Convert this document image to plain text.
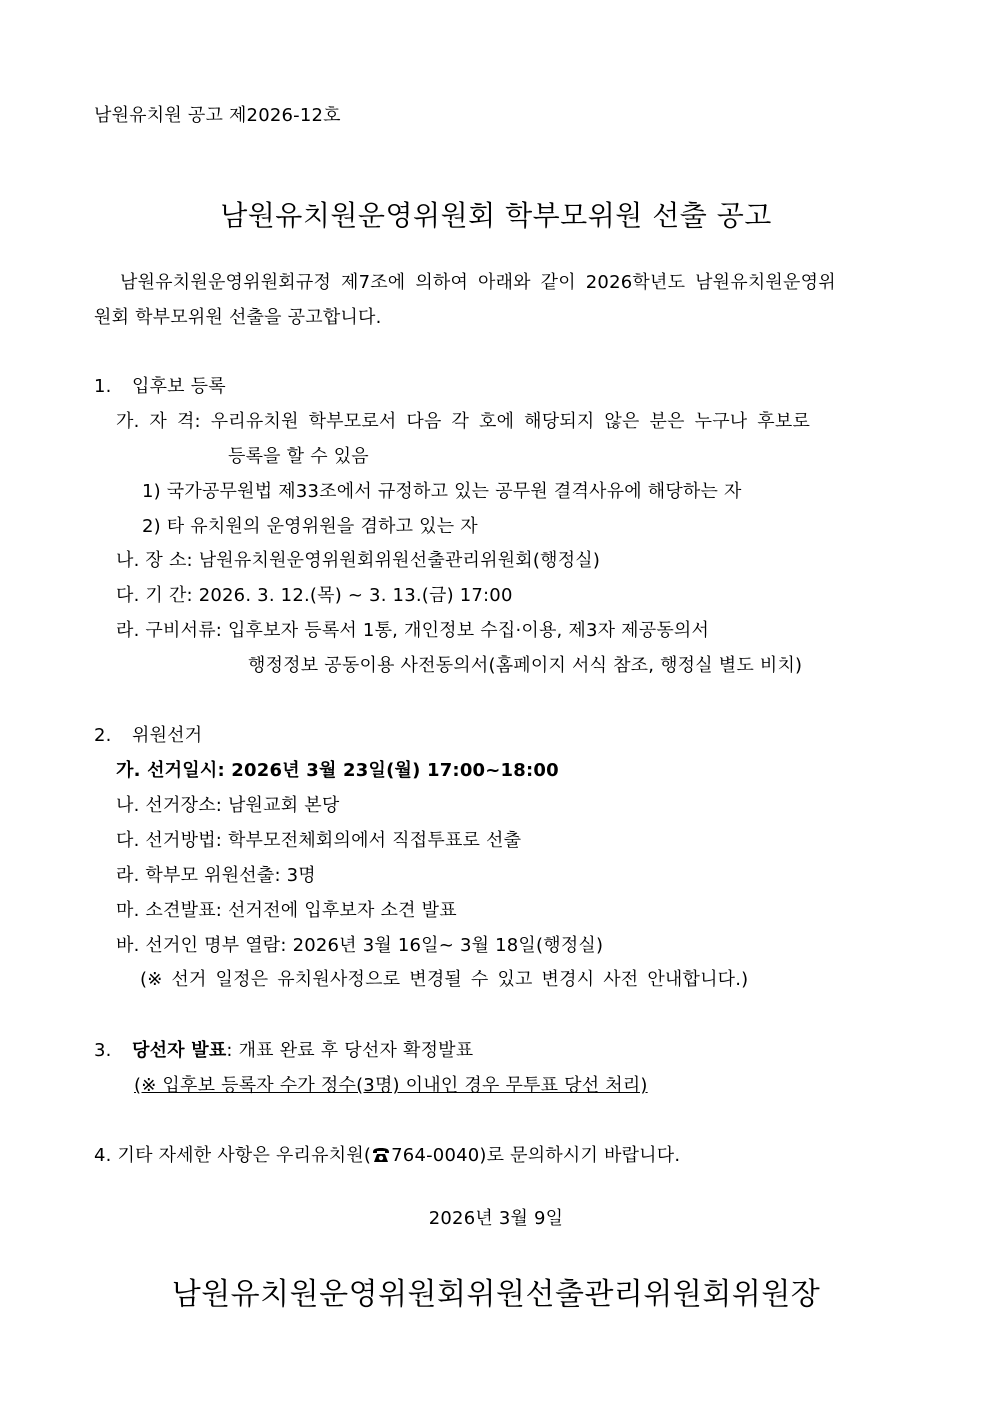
남원유치원 공고 제2026-12호
남원유치원운영위원회 학부모위원 선출 공고
남원유치원운영위원회규정 제7조에 의하여 아래와 같이 2026학년도 남원유치원운영위
원회 학부모위원 선출을 공고합니다.
1. 입후보 등록
가. 자 격: 우리유치원 학부모로서 다음 각 호에 해당되지 않은 분은 누구나 후보로
등록을 할 수 있음
1) 국가공무원법 제33조에서 규정하고 있는 공무원 결격사유에 해당하는 자
2) 타 유치원의 운영위원을 겸하고 있는 자
나. 장 소: 남원유치원운영위원회위원선출관리위원회(행정실)
다. 기 간: 2026. 3. 12.(목) ~ 3. 13.(금) 17:00
라. 구비서류: 입후보자 등록서 1통, 개인정보 수집·이용, 제3자 제공동의서
행정정보 공동이용 사전동의서(홈페이지 서식 참조, 행정실 별도 비치)
2. 위원선거
가. 선거일시: 2026년 3월 23일(월) 17:00~18:00
나. 선거장소: 남원교회 본당
다. 선거방법: 학부모전체회의에서 직접투표로 선출
라. 학부모 위원선출: 3명
마. 소견발표: 선거전에 입후보자 소견 발표
바. 선거인 명부 열람: 2026년 3월 16일~ 3월 18일(행정실)
(※ 선거 일정은 유치원사정으로 변경될 수 있고 변경시 사전 안내합니다.)
3. 당선자 발표: 개표 완료 후 당선자 확정발표
(※ 입후보 등록자 수가 정수(3명) 이내인 경우 무투표 당선 처리)
4. 기타 자세한 사항은 우리유치원( 764-0040)로 문의하시기 바랍니다.
2026년 3월 9일
남원유치원운영위원회위원선출관리위원회위원장
